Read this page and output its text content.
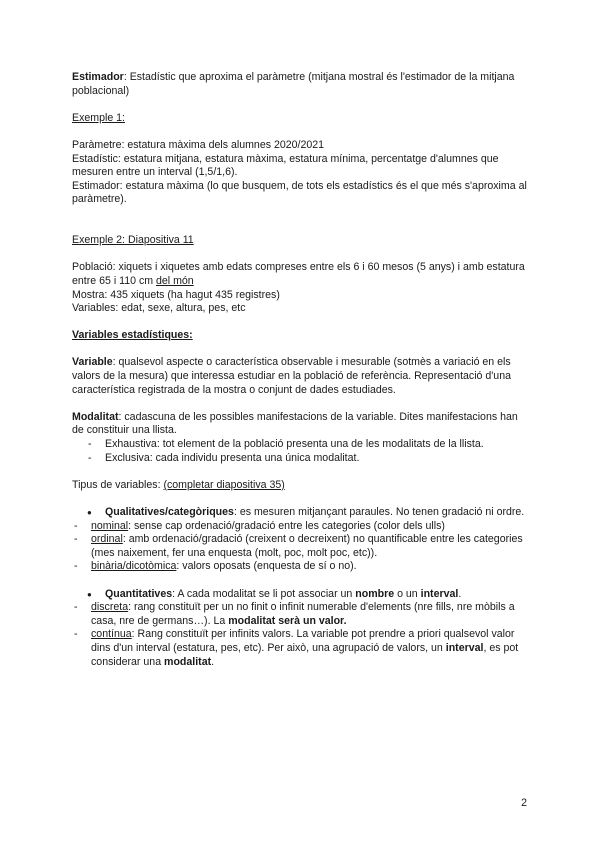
Estimador: Estadístic que aproxima el paràmetre (mitjana mostral és l'estimador de la mitjana poblacional)

Exemple 1:

Paràmetre: estatura màxima dels alumnes 2020/2021

Estadístic: estatura mitjana, estatura màxima, estatura mínima, percentatge d'alumnes que mesuren entre un interval (1,5/1,6).

Estimador: estatura màxima (lo que busquem, de tots els estadístics és el que més s'aproxima al paràmetre).

Exemple 2: Diapositiva 11

Població: xiquets i xiquetes amb edats compreses entre els 6 i 60 mesos (5 anys) i amb estatura entre 65 i 110 cm del món

Mostra: 435 xiquets (ha hagut 435 registres)

Variables: edat, sexe, altura, pes, etc

Variables estadístiques:

Variable: qualsevol aspecte o característica observable i mesurable (sotmès a variació en els valors de la mesura) que interessa estudiar en la població de referència. Representació d'una característica registrada de la mostra o conjunt de dades estudiades.

Modalitat: cadascuna de les possibles manifestacions de la variable. Dites manifestacions han de constituir una llista.

- Exhaustiva: tot element de la població presenta una de les modalitats de la llista.
- Exclusiva: cada individu presenta una única modalitat.

Tipus de variables: (completar diapositiva 35)

● Qualitatives/categòriques: es mesuren mitjançant paraules. No tenen gradació ni ordre.
- nominal: sense cap ordenació/gradació entre les categories (color dels ulls)
- ordinal: amb ordenació/gradació (creixent o decreixent) no quantificable entre les categories (mes naixement, fer una enquesta (molt, poc, molt poc, etc)).
- binària/dicotòmica: valors oposats (enquesta de sí o no).
● Quantitatives: A cada modalitat se li pot associar un nombre o un interval.
- discreta: rang constituït per un no finit o infinit numerable d'elements (nre fills, nre mòbils a casa, nre de germans…). La modalitat serà un valor.
- contínua: Rang constituït per infinits valors. La variable pot prendre a priori qualsevol valor dins d'un interval (estatura, pes, etc). Per això, una agrupació de valors, un interval, es pot considerar una modalitat.
2
